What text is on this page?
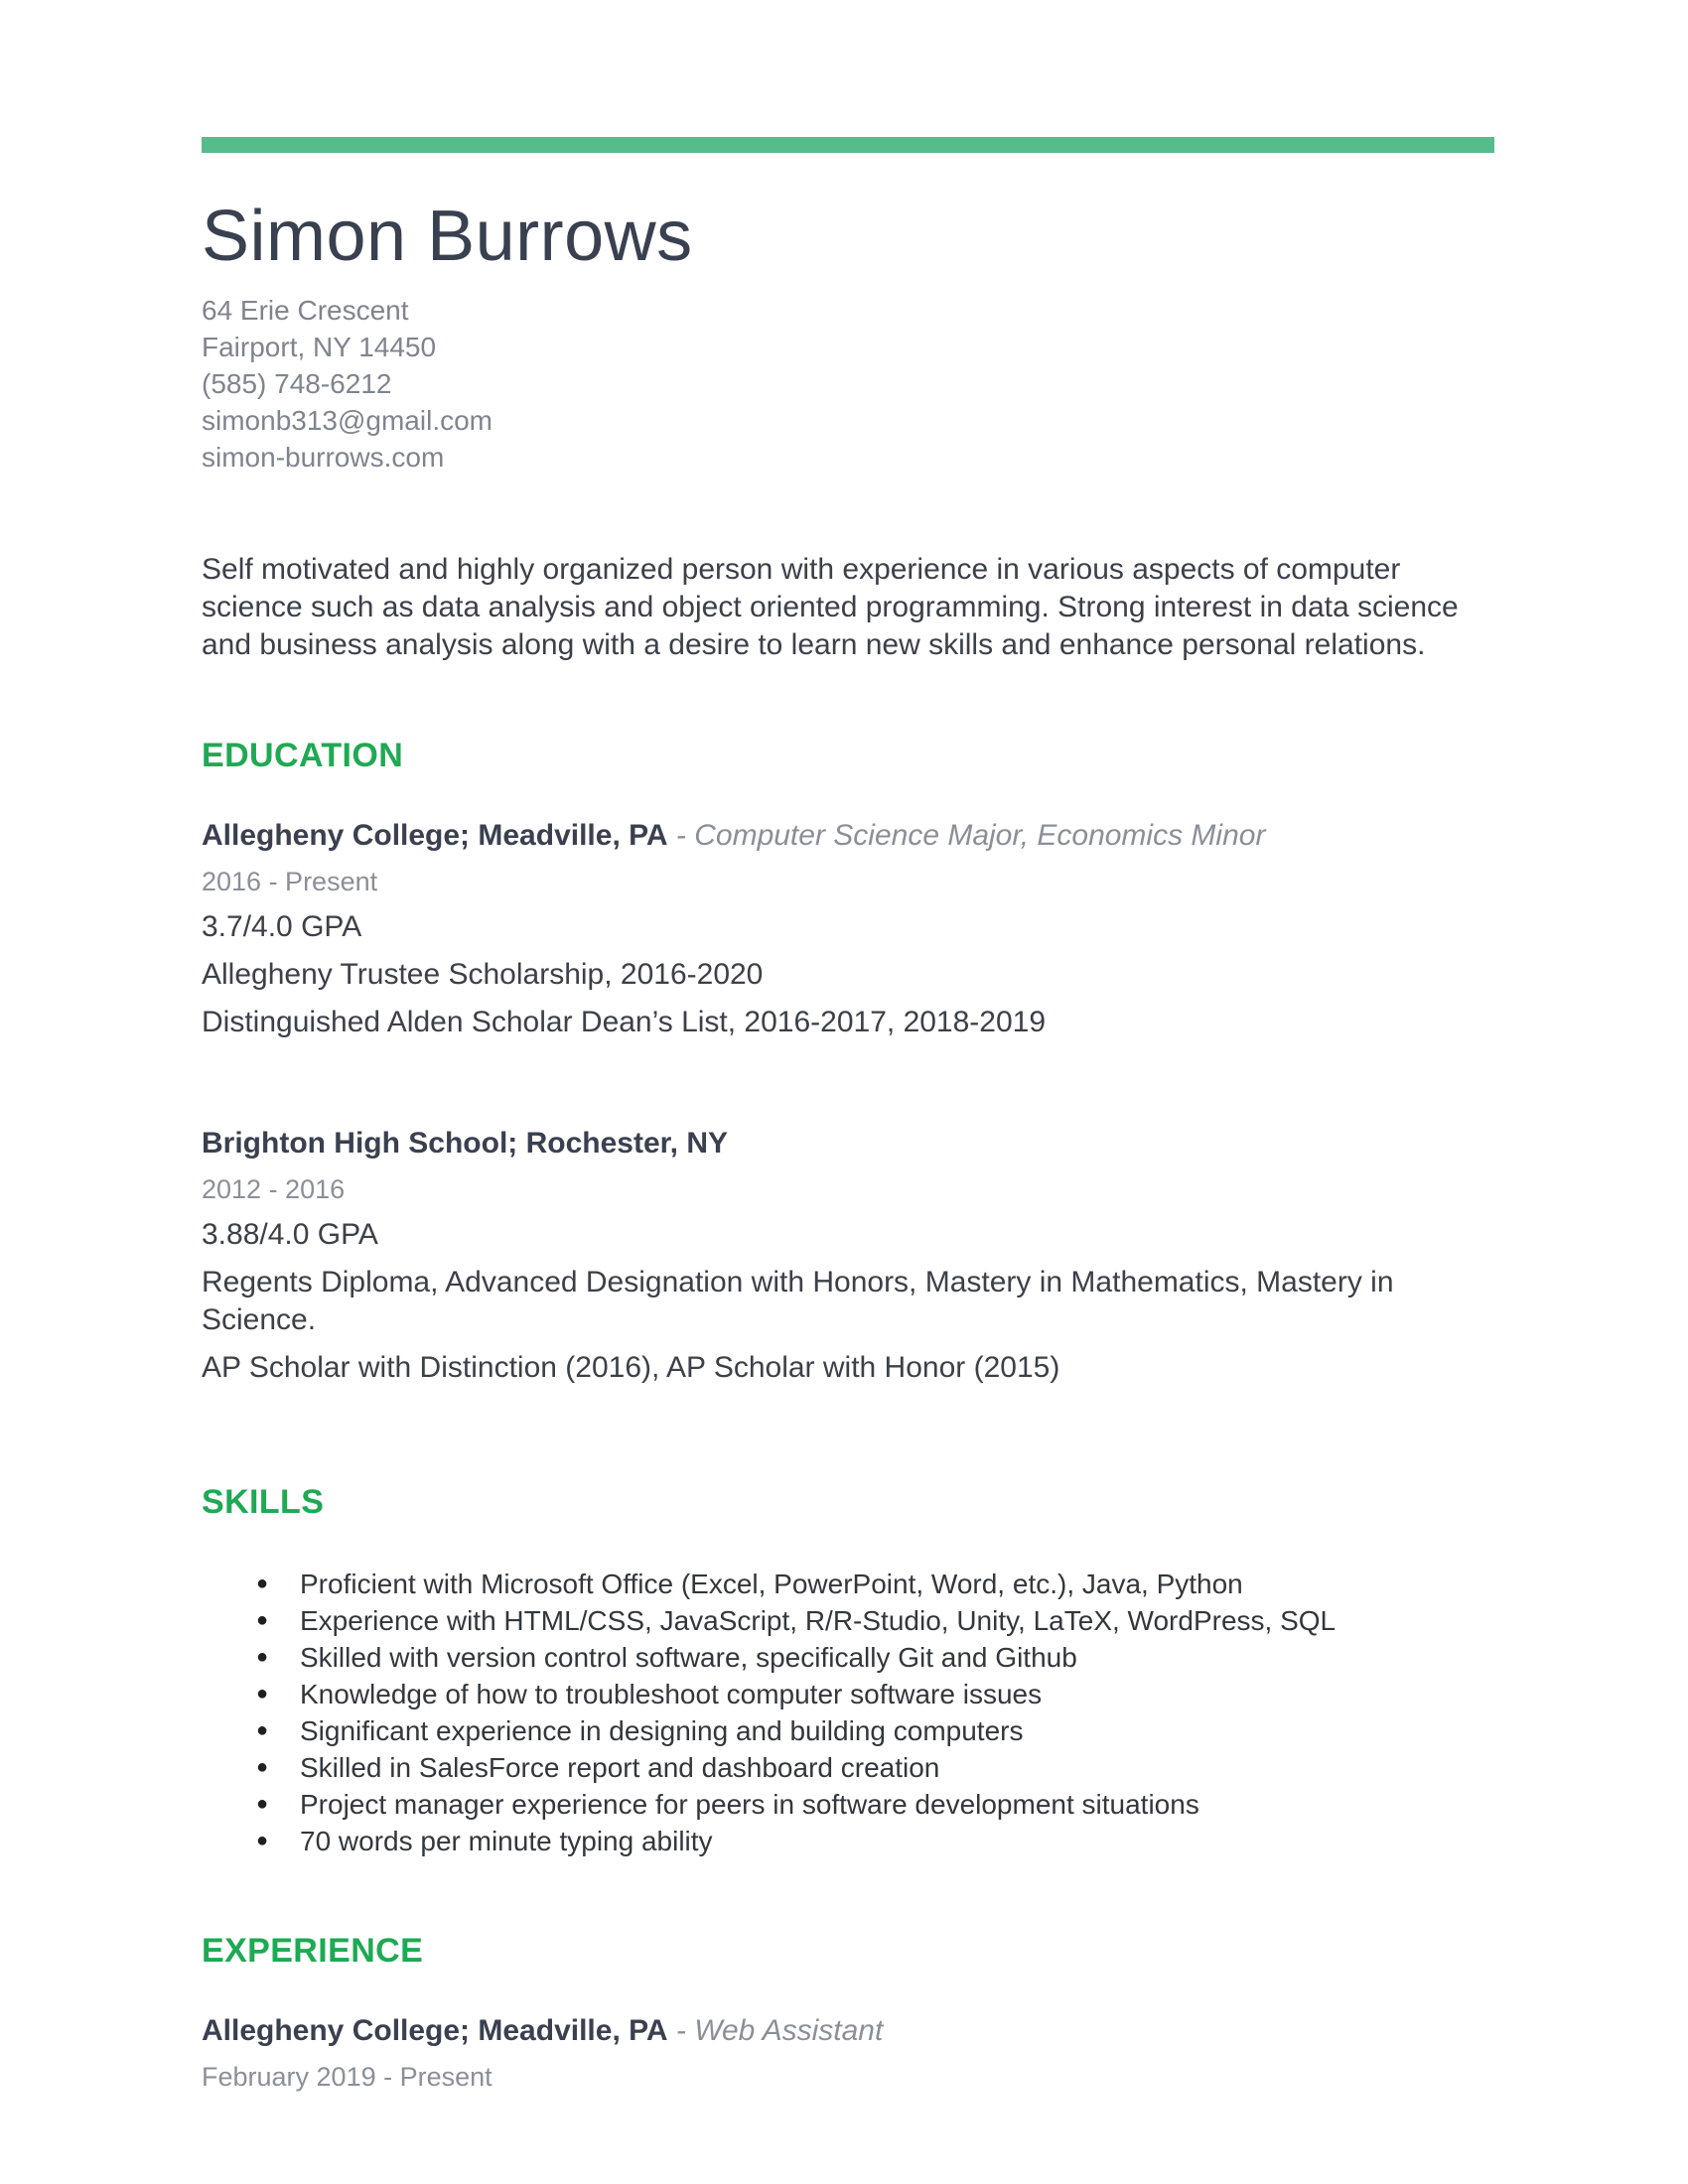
Simon Burrows
64 Erie Crescent
Fairport, NY 14450
(585) 748-6212
simonb313@gmail.com
simon-burrows.com

Self motivated and highly organized person with experience in various aspects of computer science such as data analysis and object oriented programming. Strong interest in data science and business analysis along with a desire to learn new skills and enhance personal relations.

EDUCATION
Allegheny College; Meadville, PA - Computer Science Major, Economics Minor
2016 - Present
3.7/4.0 GPA
Allegheny Trustee Scholarship, 2016-2020
Distinguished Alden Scholar Dean’s List, 2016-2017, 2018-2019
Brighton High School; Rochester, NY
2012 - 2016
3.88/4.0 GPA
Regents Diploma, Advanced Designation with Honors, Mastery in Mathematics, Mastery in Science.
AP Scholar with Distinction (2016), AP Scholar with Honor (2015)
SKILLS
● Proficient with Microsoft Office (Excel, PowerPoint, Word, etc.), Java, Python
● Experience with HTML/CSS, JavaScript, R/R-Studio, Unity, LaTeX, WordPress, SQL
● Skilled with version control software, specifically Git and Github
● Knowledge of how to troubleshoot computer software issues
● Significant experience in designing and building computers
● Skilled in SalesForce report and dashboard creation
● Project manager experience for peers in software development situations
● 70 words per minute typing ability
EXPERIENCE
Allegheny College; Meadville, PA - Web Assistant
February 2019 - Present
